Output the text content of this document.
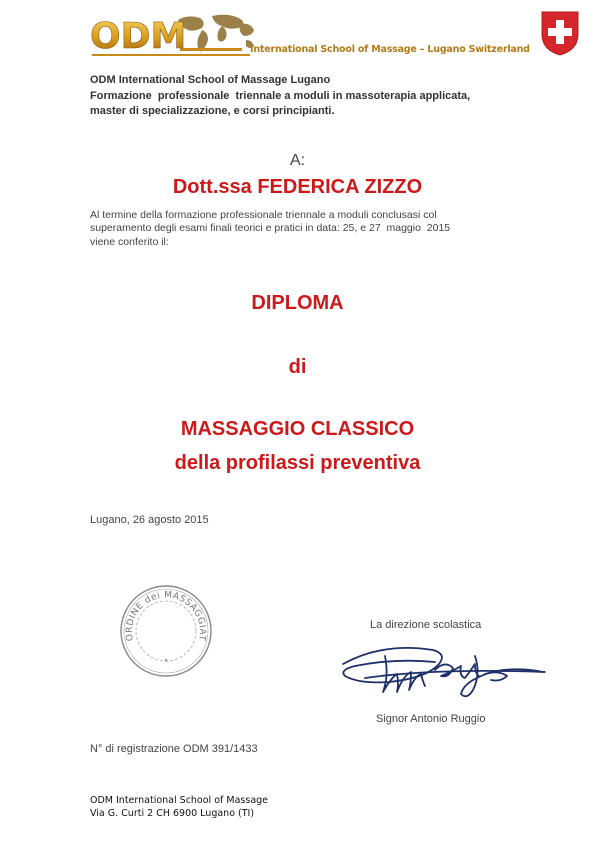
ODM	International School of Massage – Lugano Switzerland
ODM International School of Massage Lugano
Formazione  professionale  triennale a moduli in massoterapia applicata,
master di specializzazione, e corsi principianti.
A:
Dott.ssa FEDERICA ZIZZO
Al termine della formazione professionale triennale a moduli conclusasi col
superamento degli esami finali teorici e pratici in data: 25, e 27  maggio  2015
viene conferito il:
DIPLOMA
di
MASSAGGIO CLASSICO
della profilassi preventiva
Lugano, 26 agosto 2015
ORDINE dei MASSAGGIAT
*
La direzione scolastica
Signor Antonio Ruggio
N° di registrazione ODM 391/1433
ODM International School of Massage
Via G. Curti 2 CH 6900 Lugano (TI)
